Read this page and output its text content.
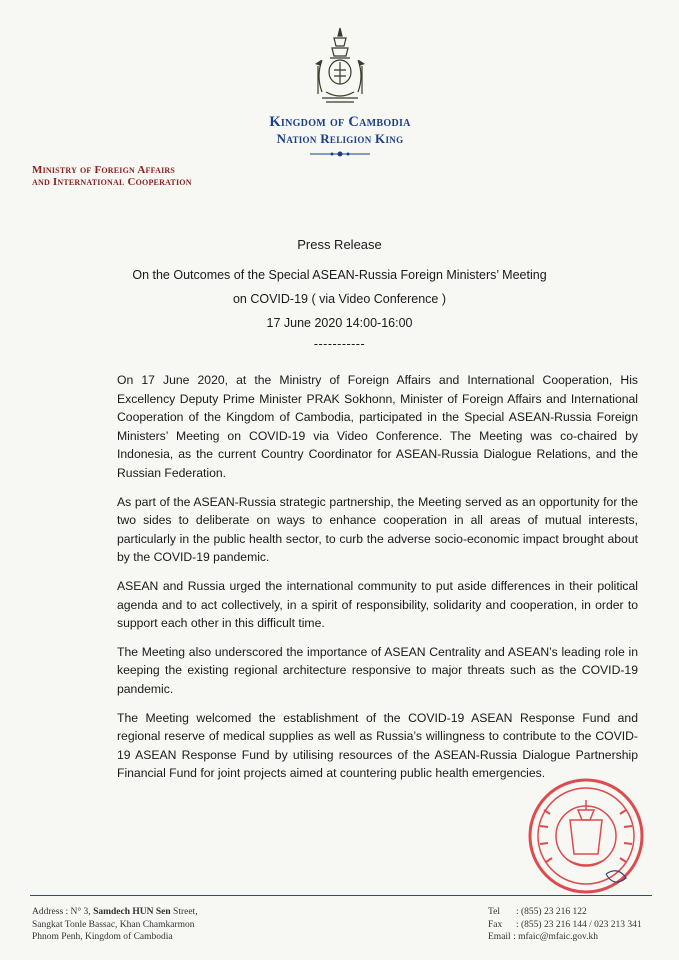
Kingdom of Cambodia
Nation Religion King
Ministry of Foreign Affairs
and International Cooperation
Press Release
On the Outcomes of the Special ASEAN-Russia Foreign Ministers’ Meeting
on COVID-19 ( via Video Conference )
17 June 2020 14:00-16:00
-----------

On 17 June 2020, at the Ministry of Foreign Affairs and International Cooperation, His Excellency Deputy Prime Minister PRAK Sokhonn, Minister of Foreign Affairs and International Cooperation of the Kingdom of Cambodia, participated in the Special ASEAN-Russia Foreign Ministers’ Meeting on COVID-19 via Video Conference. The Meeting was co-chaired by Indonesia, as the current Country Coordinator for ASEAN-Russia Dialogue Relations, and the Russian Federation.

As part of the ASEAN-Russia strategic partnership, the Meeting served as an opportunity for the two sides to deliberate on ways to enhance cooperation in all areas of mutual interests, particularly in the public health sector, to curb the adverse socio-economic impact brought about by the COVID-19 pandemic.

ASEAN and Russia urged the international community to put aside differences in their political agenda and to act collectively, in a spirit of responsibility, solidarity and cooperation, in order to support each other in this difficult time.

The Meeting also underscored the importance of ASEAN Centrality and ASEAN’s leading role in keeping the existing regional architecture responsive to major threats such as the COVID-19 pandemic.

The Meeting welcomed the establishment of the COVID-19 ASEAN Response Fund and regional reserve of medical supplies as well as Russia’s willingness to contribute to the COVID-19 ASEAN Response Fund by utilising resources of the ASEAN-Russia Dialogue Partnership Financial Fund for joint projects aimed at countering public health emergencies.

Address : N° 3, Samdech HUN Sen Street,
Sangkat Tonle Bassac, Khan Chamkarmon
Phnom Penh, Kingdom of Cambodia
Tel : (855) 23 216 122
Fax : (855) 23 216 144 / 023 213 341
Email : mfaic@mfaic.gov.kh
